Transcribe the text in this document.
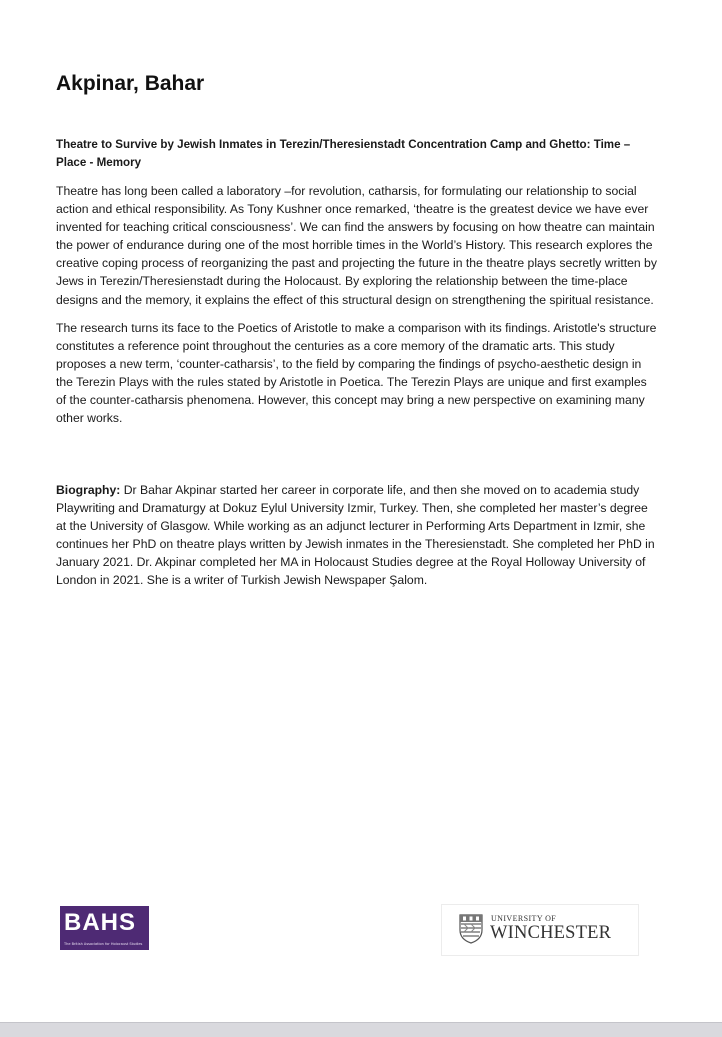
Akpinar, Bahar

Theatre to Survive by Jewish Inmates in Terezin/Theresienstadt Concentration Camp and Ghetto: Time – Place - Memory

Theatre has long been called a laboratory –for revolution, catharsis, for formulating our relationship to social action and ethical responsibility. As Tony Kushner once remarked, ‘theatre is the greatest device we have ever invented for teaching critical consciousness’. We can find the answers by focusing on how theatre can maintain the power of endurance during one of the most horrible times in the World’s History. This research explores the creative coping process of reorganizing the past and projecting the future in the theatre plays secretly written by Jews in Terezin/Theresienstadt during the Holocaust. By exploring the relationship between the time-place designs and the memory, it explains the effect of this structural design on strengthening the spiritual resistance.

The research turns its face to the Poetics of Aristotle to make a comparison with its findings. Aristotle's structure constitutes a reference point throughout the centuries as a core memory of the dramatic arts. This study proposes a new term, ‘counter-catharsis’, to the field by comparing the findings of psycho-aesthetic design in the Terezin Plays with the rules stated by Aristotle in Poetica. The Terezin Plays are unique and first examples of the counter-catharsis phenomena. However, this concept may bring a new perspective on examining many other works.

Biography: Dr Bahar Akpinar started her career in corporate life, and then she moved on to academia study Playwriting and Dramaturgy at Dokuz Eylul University Izmir, Turkey. Then, she completed her master’s degree at the University of Glasgow. While working as an adjunct lecturer in Performing Arts Department in Izmir, she continues her PhD on theatre plays written by Jewish inmates in the Theresienstadt. She completed her PhD in January 2021. Dr. Akpinar completed her MA in Holocaust Studies degree at the Royal Holloway University of London in 2021. She is a writer of Turkish Jewish Newspaper Şalom.

BAHS
The British Association for Holocaust Studies
UNIVERSITY OF
WINCHESTER
